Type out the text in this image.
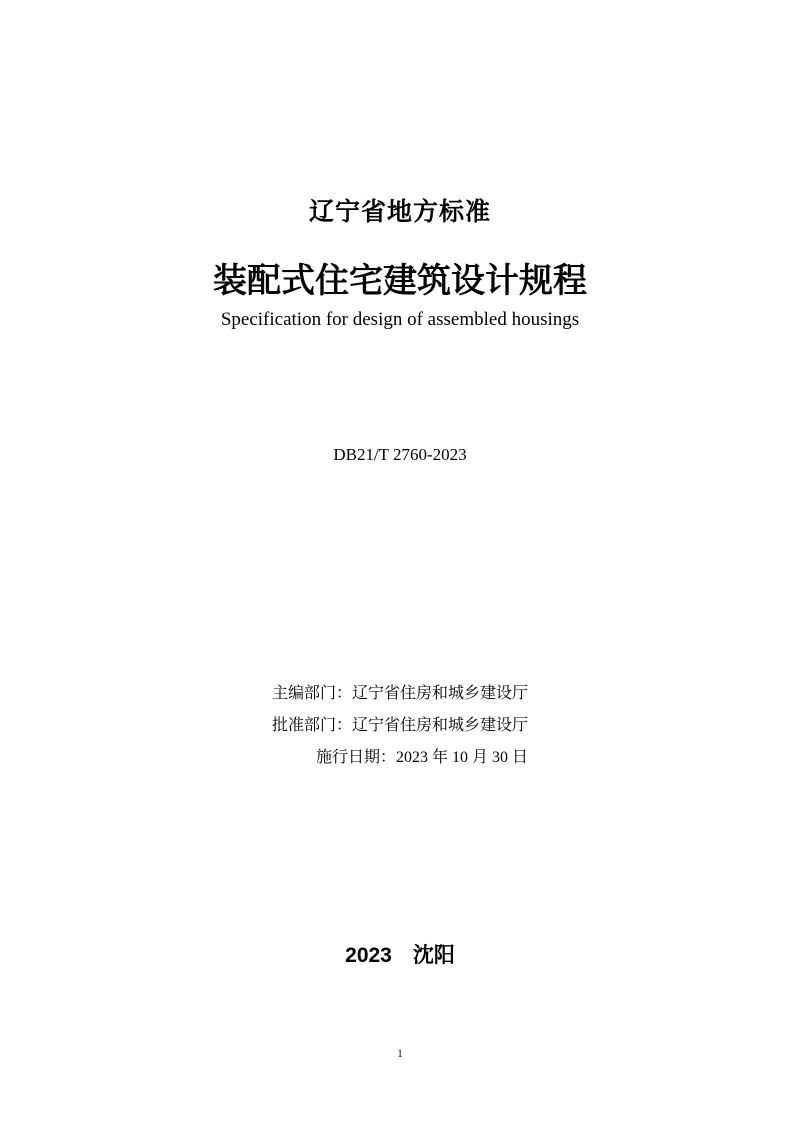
辽宁省地方标准
装配式住宅建筑设计规程
Specification for design of assembled housings
DB21/T 2760-2023
主编部门：辽宁省住房和城乡建设厅
批准部门：辽宁省住房和城乡建设厅
施行日期：2023 年 10 月 30 日
2023　沈阳
1
